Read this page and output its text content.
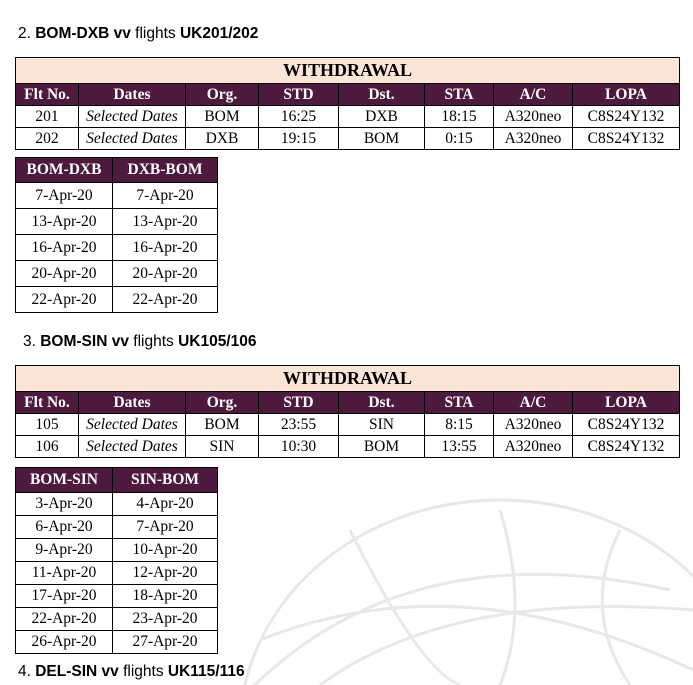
2. BOM-DXB vv flights UK201/202
WITHDRAWAL							
Flt No.	Dates	Org.	STD	Dst.	STA	A/C	LOPA
201	Selected Dates	BOM	16:25	DXB	18:15	A320neo	C8S24Y132
202	Selected Dates	DXB	19:15	BOM	0:15	A320neo	C8S24Y132
BOM-DXB	DXB-BOM
7-Apr-20	7-Apr-20
13-Apr-20	13-Apr-20
16-Apr-20	16-Apr-20
20-Apr-20	20-Apr-20
22-Apr-20	22-Apr-20
3. BOM-SIN vv flights UK105/106
WITHDRAWAL							
Flt No.	Dates	Org.	STD	Dst.	STA	A/C	LOPA
105	Selected Dates	BOM	23:55	SIN	8:15	A320neo	C8S24Y132
106	Selected Dates	SIN	10:30	BOM	13:55	A320neo	C8S24Y132
BOM-SIN	SIN-BOM
3-Apr-20	4-Apr-20
6-Apr-20	7-Apr-20
9-Apr-20	10-Apr-20
11-Apr-20	12-Apr-20
17-Apr-20	18-Apr-20
22-Apr-20	23-Apr-20
26-Apr-20	27-Apr-20
4. DEL-SIN vv flights UK115/116
